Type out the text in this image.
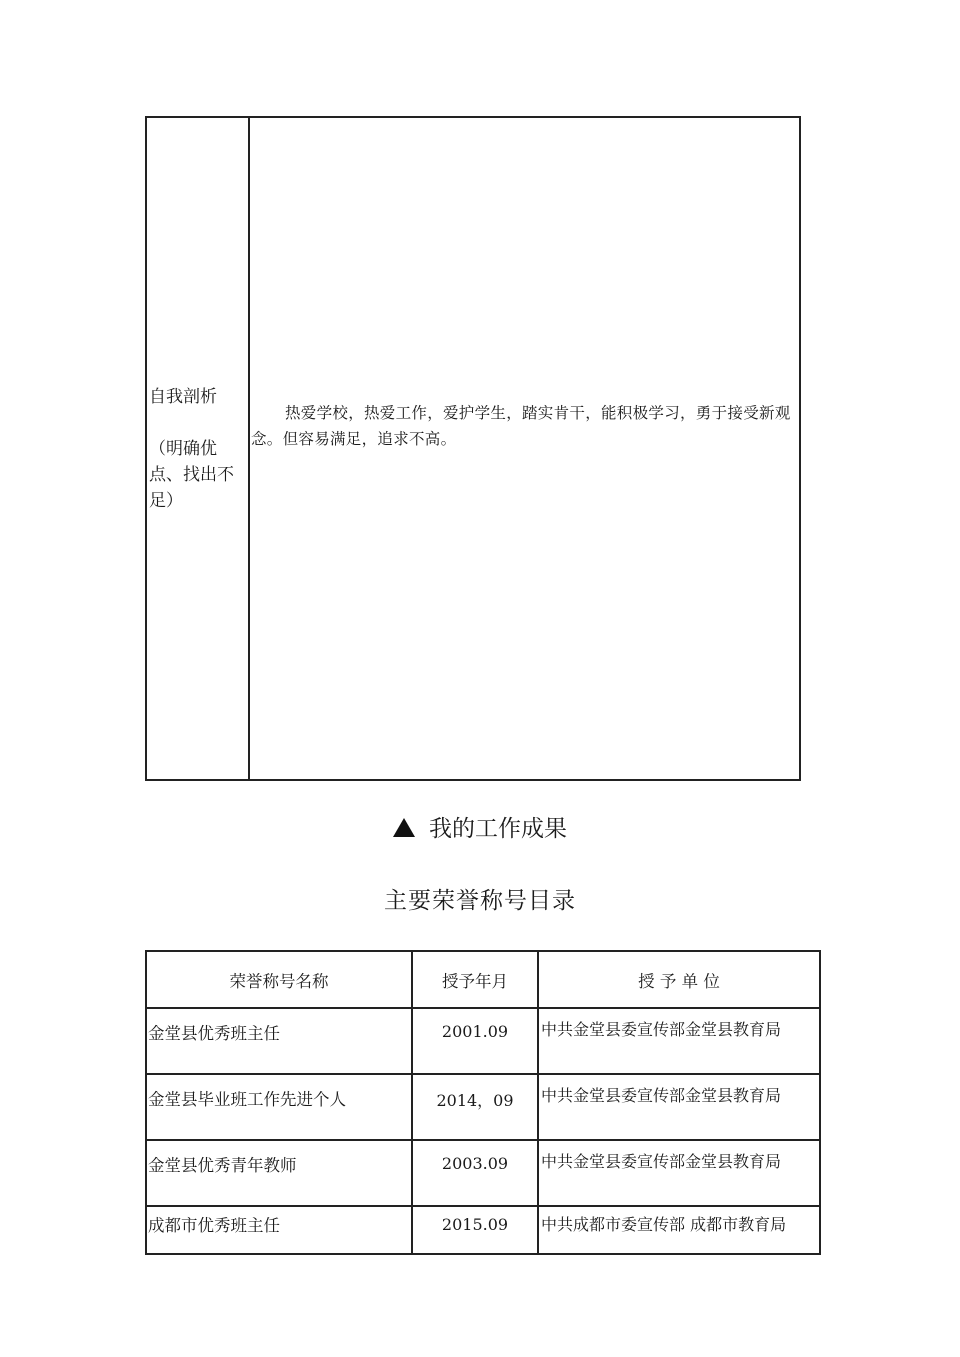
自我剖析
（明确优点、找出不足）
热爱学校，热爱工作，爱护学生，踏实肯干，能积极学习，勇于接受新观念。但容易满足，追求不高。
我的工作成果
主要荣誉称号目录
荣誉称号名称	授予年月	授 予 单 位
金堂县优秀班主任	2001.09	中共金堂县委宣传部金堂县教育局
金堂县毕业班工作先进个人	2014，09	中共金堂县委宣传部金堂县教育局
金堂县优秀青年教师	2003.09	中共金堂县委宣传部金堂县教育局
成都市优秀班主任	2015.09	中共成都市委宣传部 成都市教育局
